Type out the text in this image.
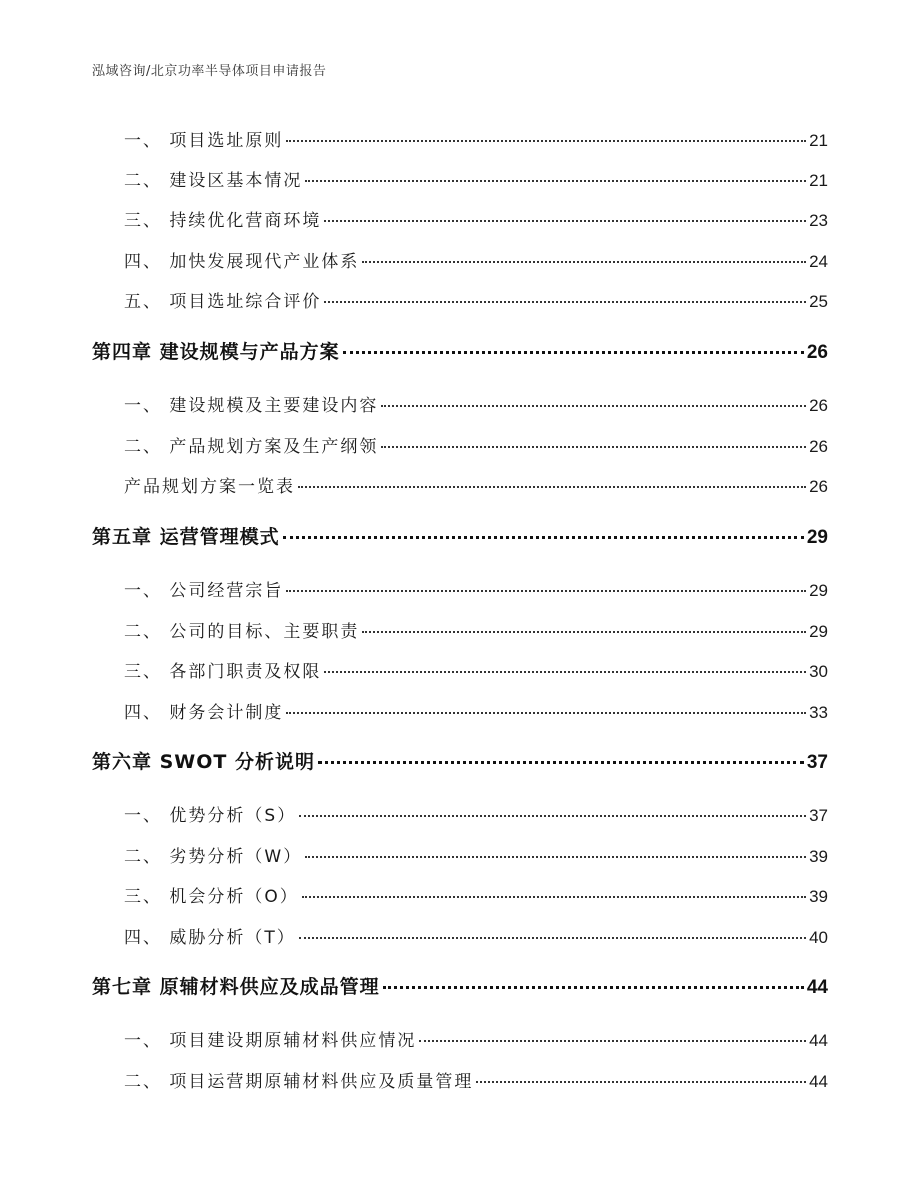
泓域咨询/北京功率半导体项目申请报告
一、 项目选址原则	21
二、 建设区基本情况	21
三、 持续优化营商环境	23
四、 加快发展现代产业体系	24
五、 项目选址综合评价	25
第四章 建设规模与产品方案	26
一、 建设规模及主要建设内容	26
二、 产品规划方案及生产纲领	26
产品规划方案一览表	26
第五章 运营管理模式	29
一、 公司经营宗旨	29
二、 公司的目标、主要职责	29
三、 各部门职责及权限	30
四、 财务会计制度	33
第六章 SWOT 分析说明	37
一、 优势分析（S）	37
二、 劣势分析（W）	39
三、 机会分析（O）	39
四、 威胁分析（T）	40
第七章 原辅材料供应及成品管理	44
一、 项目建设期原辅材料供应情况	44
二、 项目运营期原辅材料供应及质量管理	44
